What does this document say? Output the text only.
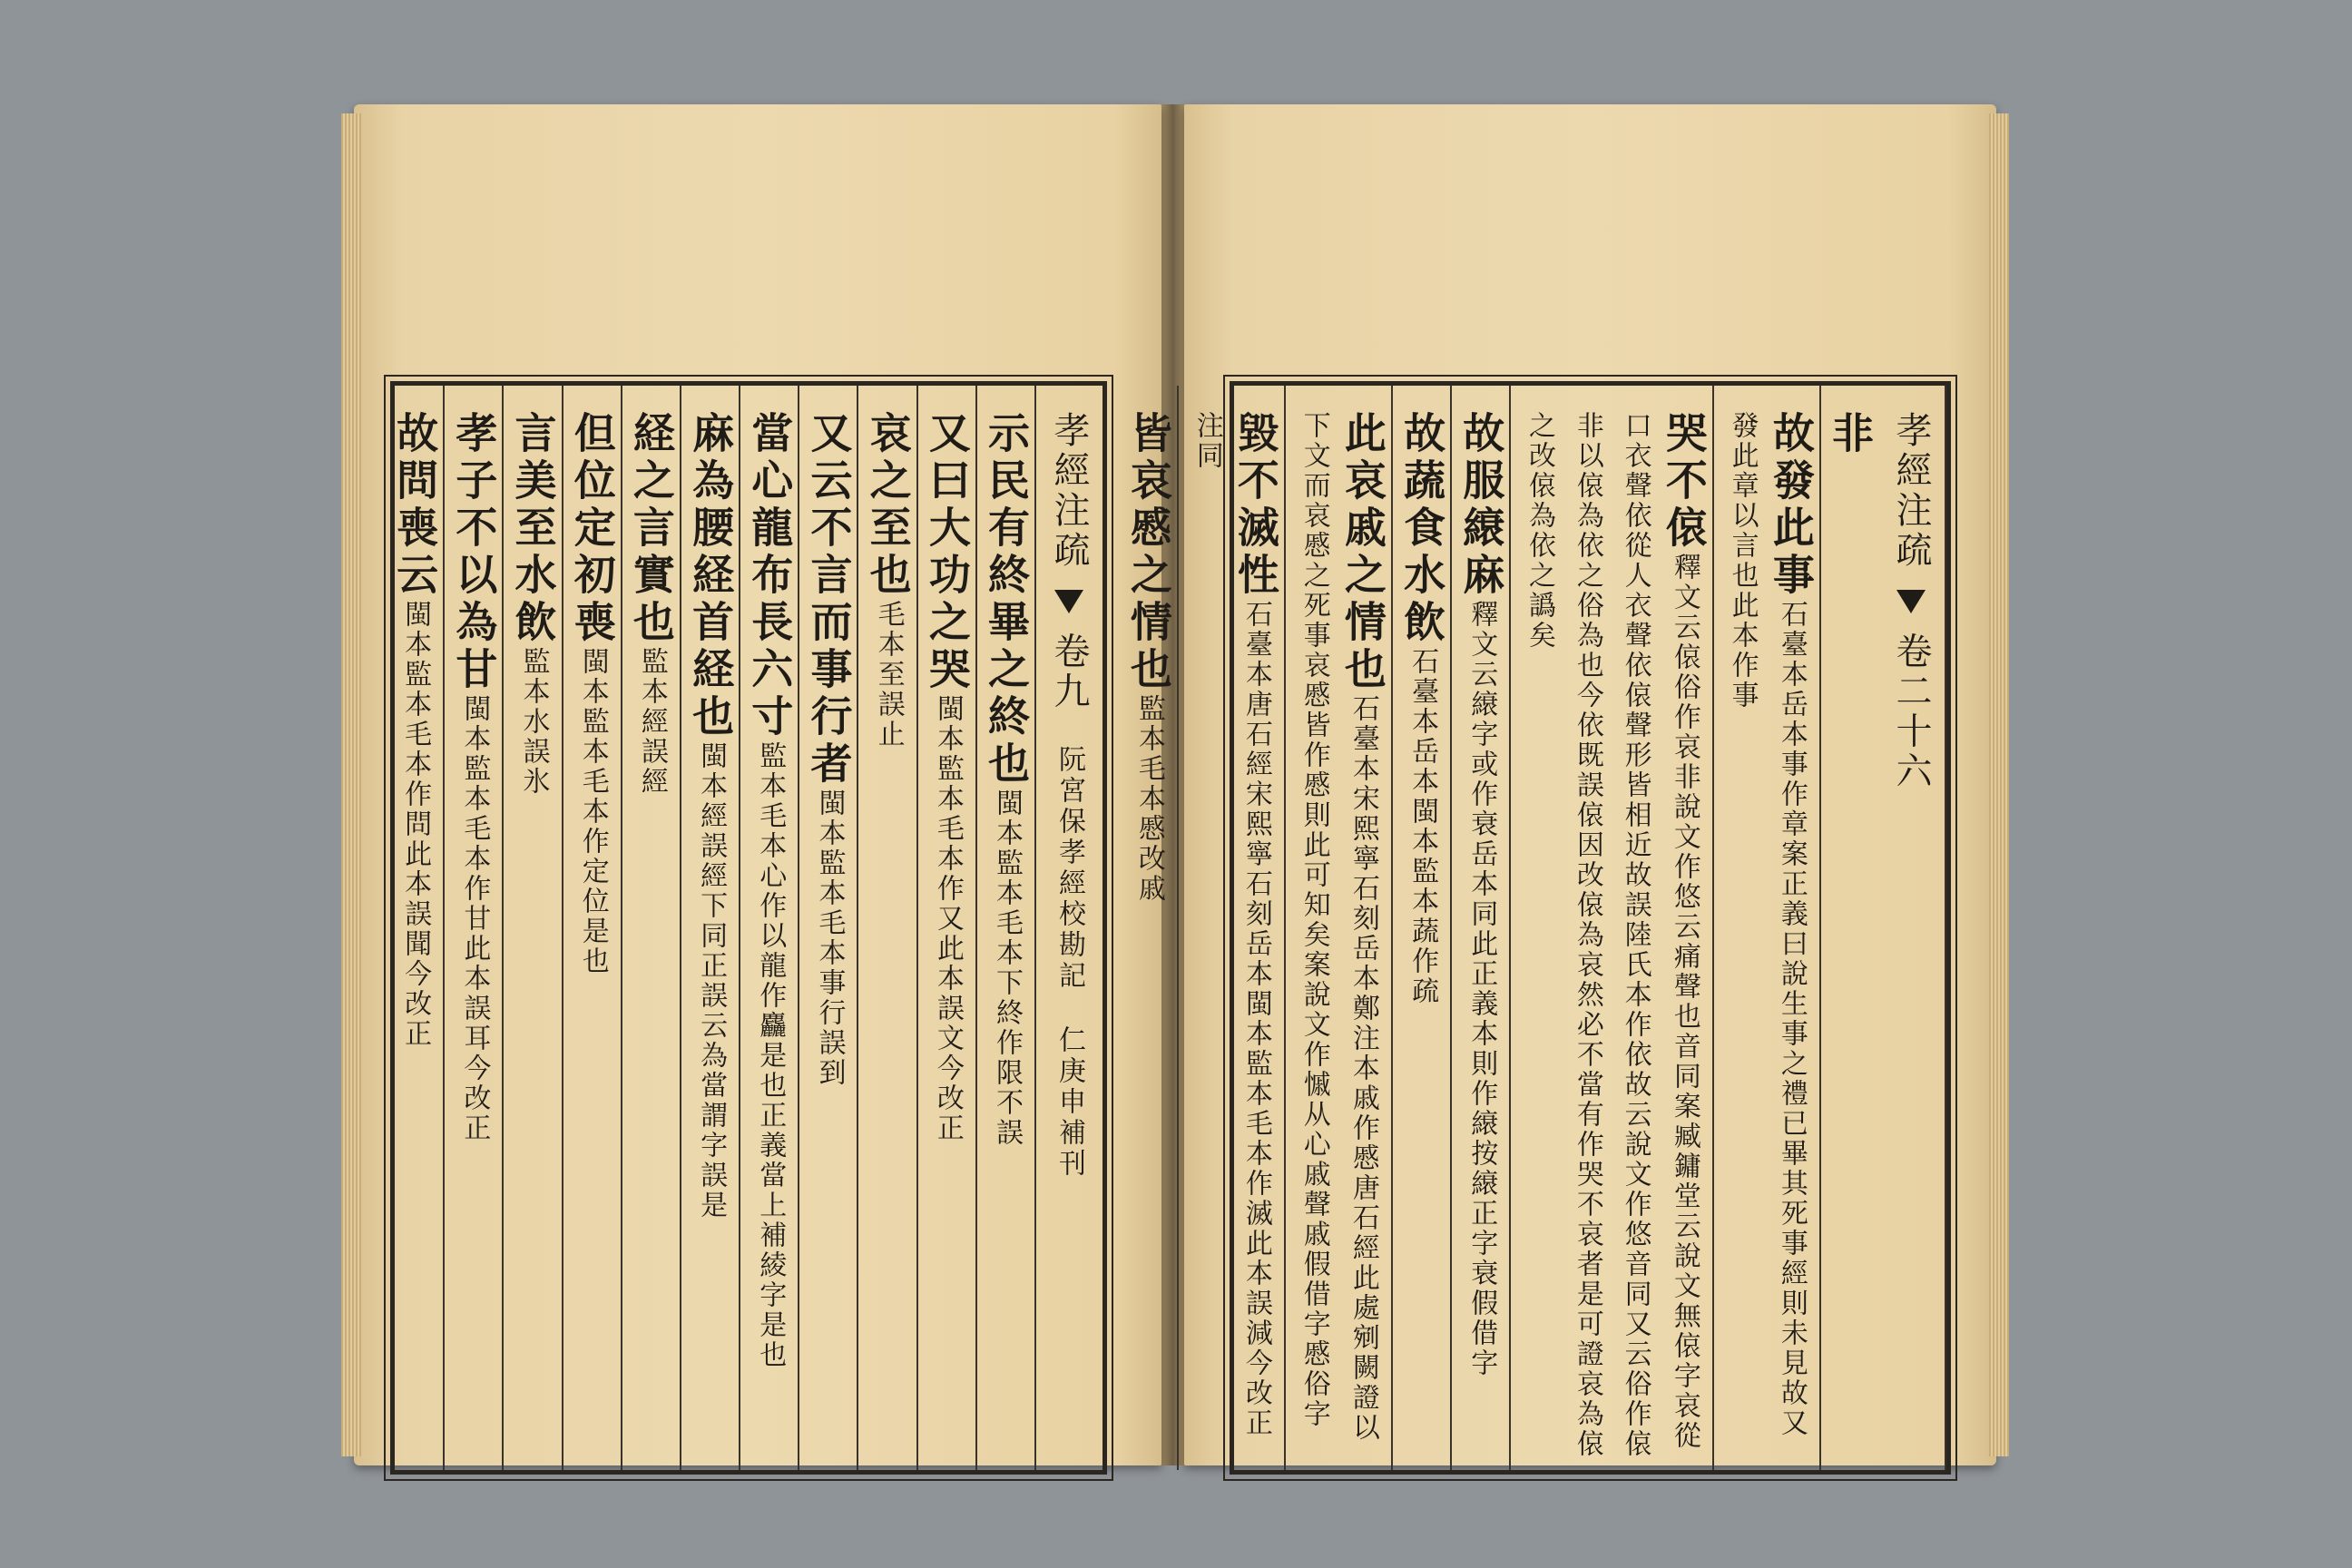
孝經注疏  卷九 阮宮保孝經校勘記 仁庚申補刊
示民有終畢之終也閩本監本毛本下終作限不誤
又曰大功之哭閩本監本毛本作又此本誤文今改正
哀之至也毛本至誤止
又云不言而事行者閩本監本毛本事行誤到
當心龍布長六寸監本毛本心作以龍作麤是也正義當上補綾字是也
麻為腰経首経也閩本經誤經下同正誤云為當謂字誤是
経之言實也監本經誤經
但位定初喪閩本監本毛本作定位是也
言美至水飲監本水誤氷
孝子不以為甘閩本監本毛本作甘此本誤耳今改正
故問喪云閩本監本毛本作問此本誤聞今改正
孝經注疏  卷二十六
非
故發此事石臺本岳本事作章案正義曰說生事之禮已畢其死事經則未見故又發此章以言也此本作事
哭不偯釋文云偯俗作哀非說文作悠云痛聲也音同案臧鏞堂云說文無偯字哀從口衣聲依從人衣聲依偯聲形皆相近故誤陸氏本作依故云說文作悠音同又云俗作偯非以偯為依之俗為也今依既誤偯因改偯為哀然必不當有作哭不哀者是可證哀為偯之改偯為依之譌矣
故服縗麻釋文云縗字或作衰岳本同此正義本則作縗按縗正字衰假借字
故蔬食水飲石臺本岳本閩本監本蔬作疏
此哀戚之情也石臺本宋熙寧石刻岳本鄭注本戚作慼唐石經此處剜闕證以下文而哀慼之死事哀慼皆作慼則此可知矣案說文作慽从心戚聲戚假借字慼俗字
毀不滅性石臺本唐石經宋熙寧石刻岳本閩本監本毛本作滅此本誤減今改正注同
皆哀慼之情也監本毛本慼改戚
